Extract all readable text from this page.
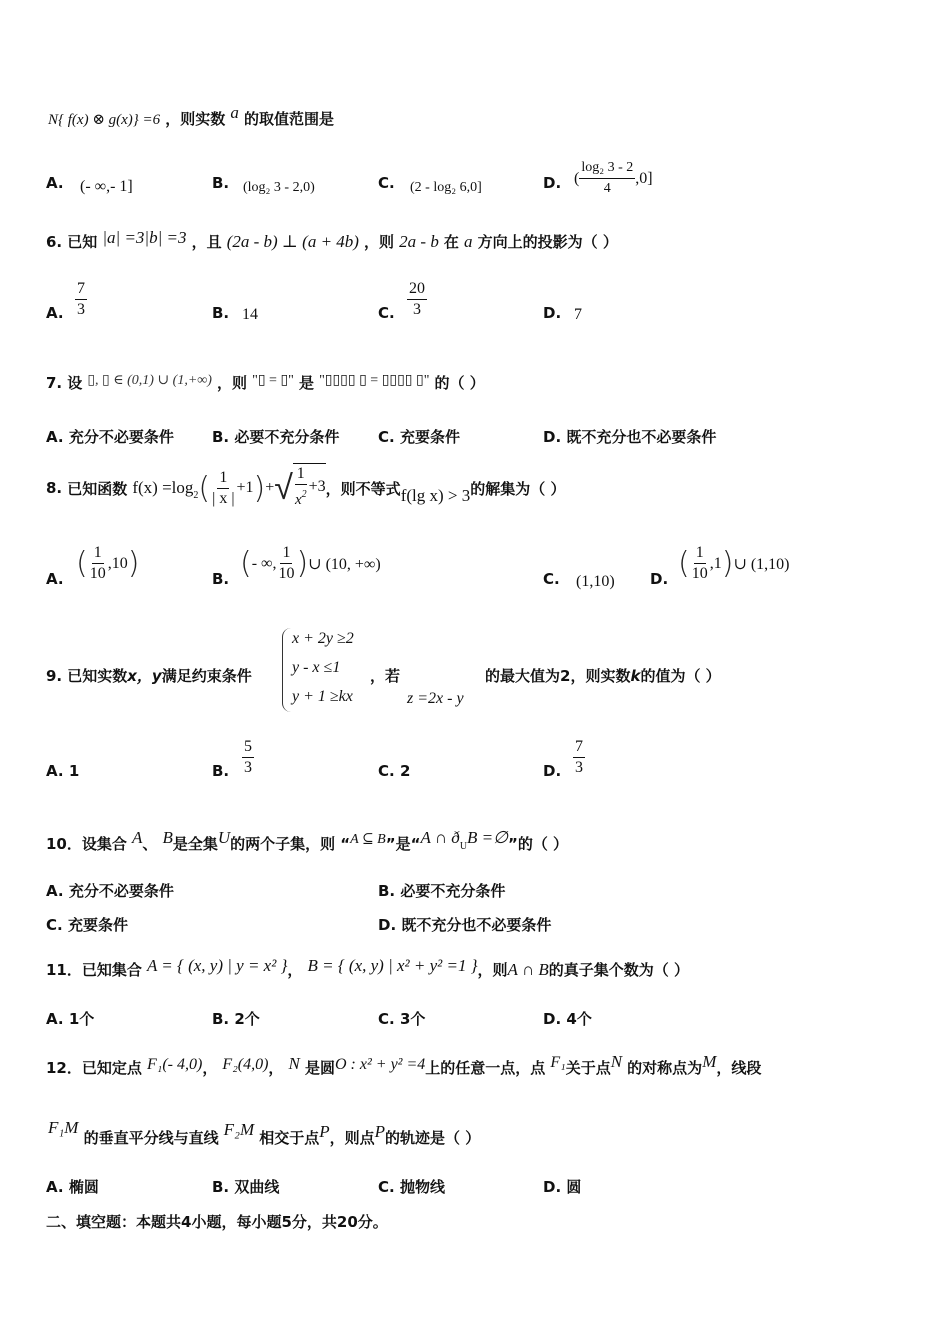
N{ f(x) ⊗ g(x)} =6 ，则实数 a 的取值范围是
A. (- ∞,- 1]	B. (log₂ 3 - 2,0)	C. (2 - log₂ 6,0]	D. ( $\frac{\text{log₂ 3 - 2}}{4} ,0$]
6. 已知 |a| =3|b| =3 ，且 (2a - b) ⊥ (a + 4b) ，则 2a - b 在 a 方向上的投影为（ ）
A. $\frac{7}{3}$	B. 14	C. $\frac{20}{3}$	D. 7
7. 设 ▯, ▯ ∈ (0,1) ∪ (1,+∞) ，则 "▯ = ▯" 是 "▯▯▯▯ ▯ = ▯▯▯▯ ▯" 的（ ）
A. 充分不必要条件	B. 必要不充分条件	C. 充要条件	D. 既不充分也不必要条件
8.
已知函数
f(x) =log 2 ( $\frac{1}{| x |} +1$ ) + √ $\frac{1}{x^2} +3$ ，则不等式 f(lg x) > 3 的解集为（ ）
A. ( $\frac{1}{10} ,10$ )	B. ( - ∞, $\frac{1}{10}$ ) ∪ (10, +∞)
C. (1,10) D. ( $\frac{1}{10} ,1$ ) ∪ (1,10)
9. 已知实数x，y满足约束条件
x + 2y ≥2
y - x ≤1
y + 1 ≥kx
，若
z =2x - y
的最大值为2，则实数k的值为（ ）
A. 1	B. $\frac{5}{3}$	C. 2	D. $\frac{7}{3}$
10．设集合 A、 B是全集U的两个子集，则 “A ⊆ B”是“A ∩ ðUB =∅”的（ ）
A. 充分不必要条件	B. 必要不充分条件
C. 充要条件	D. 既不充分也不必要条件
11．已知集合 A = { (x, y) | y = x² }， B = { (x, y) | x² + y² =1 }，则A ∩ B的真子集个数为（ ）
A. 1个	B. 2个	C. 3个	D. 4个
12．已知定点 F₁(- 4,0)， F₂(4,0)， N 是圆O : x² + y² =4上的任意一点，点 F₁关于点N 的对称点为M，线段
F₁M 的垂直平分线与直线 F₂M 相交于点P，则点P的轨迹是（ ）
A. 椭圆	B. 双曲线	C. 抛物线	D. 圆
二、填空题：本题共4小题，每小题5分，共20分。
